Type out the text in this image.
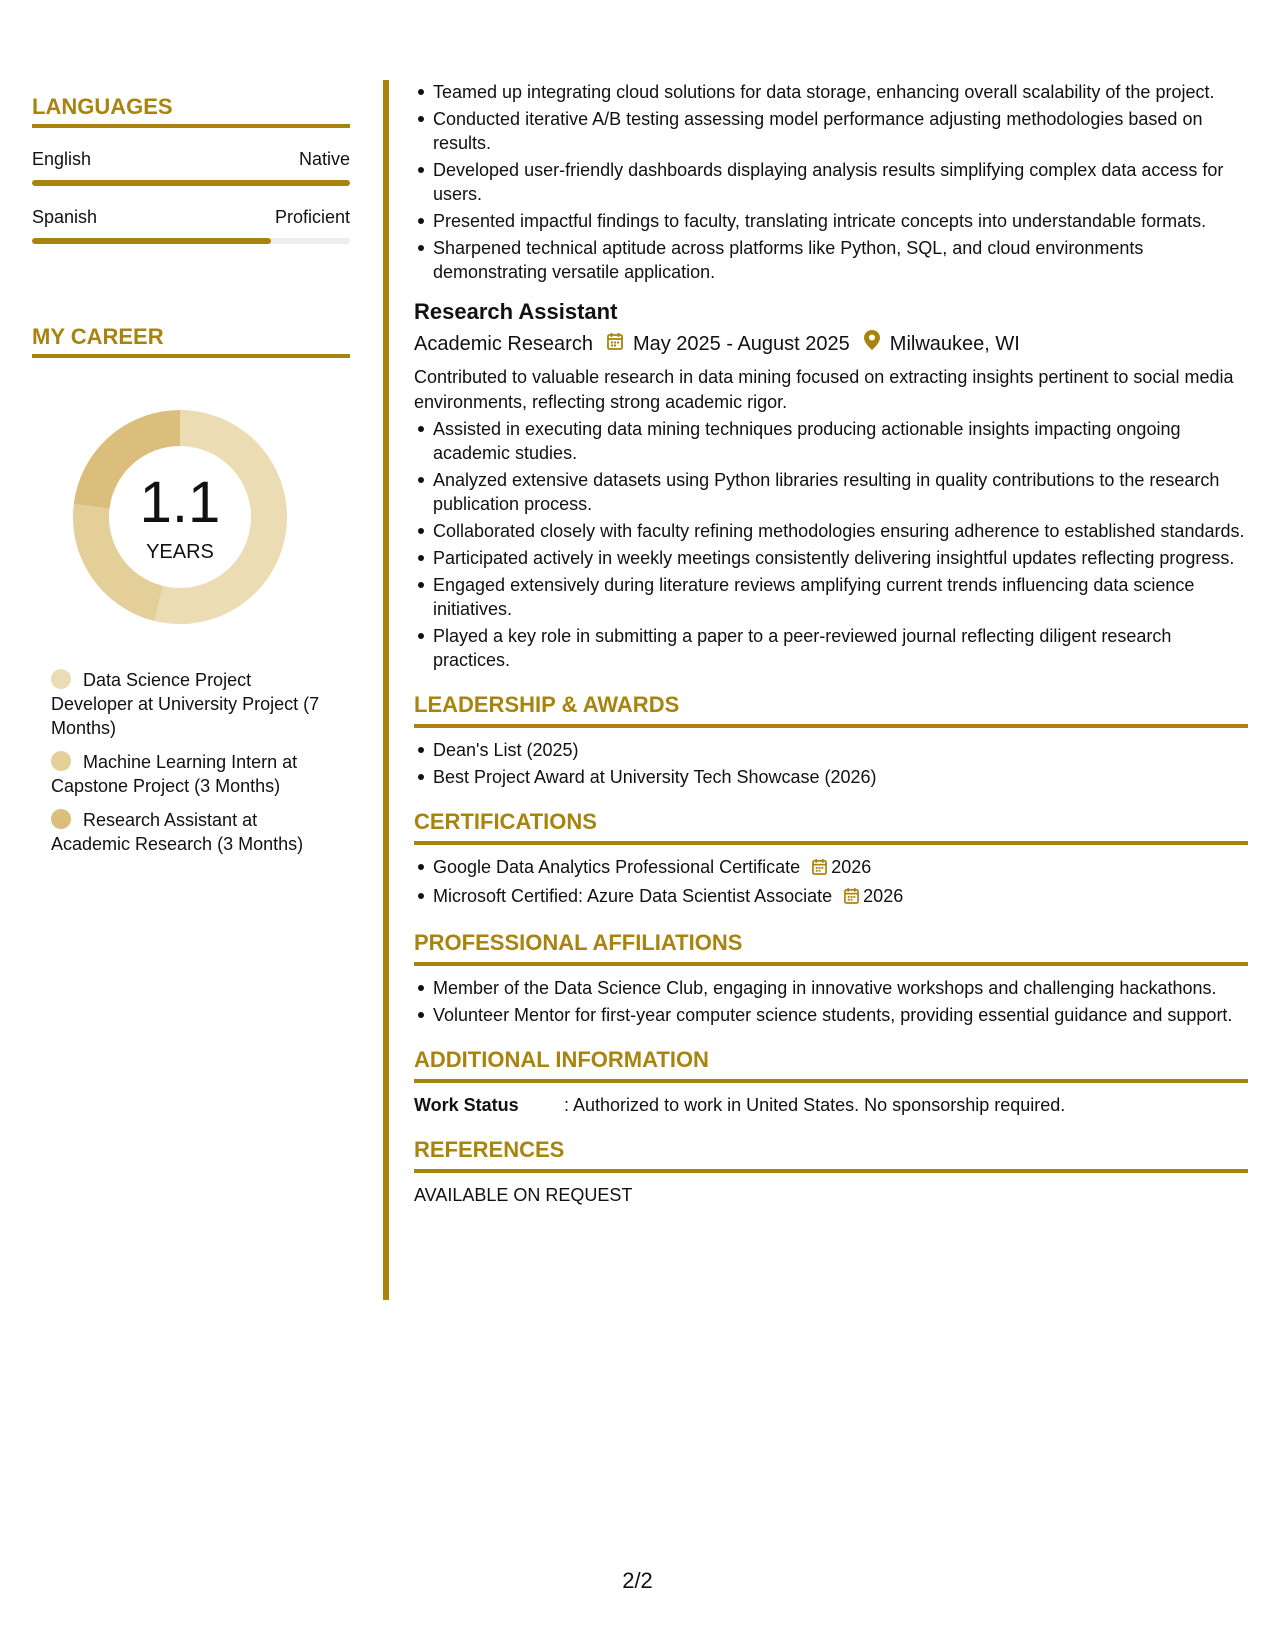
LANGUAGES
English	Native
Spanish	Proficient
MY CAREER
1.1
YEARS
Data Science Project Developer at University Project (7 Months)
Machine Learning Intern at Capstone Project (3 Months)
Research Assistant at Academic Research (3 Months)
Teamed up integrating cloud solutions for data storage, enhancing overall scalability of the project.
Conducted iterative A/B testing assessing model performance adjusting methodologies based on results.
Developed user-friendly dashboards displaying analysis results simplifying complex data access for users.
Presented impactful findings to faculty, translating intricate concepts into understandable formats.
Sharpened technical aptitude across platforms like Python, SQL, and cloud environments demonstrating versatile application.
Research Assistant
Academic Research May 2025 - August 2025 Milwaukee, WI
Contributed to valuable research in data mining focused on extracting insights pertinent to social media environments, reflecting strong academic rigor.
Assisted in executing data mining techniques producing actionable insights impacting ongoing academic studies.
Analyzed extensive datasets using Python libraries resulting in quality contributions to the research publication process.
Collaborated closely with faculty refining methodologies ensuring adherence to established standards.
Participated actively in weekly meetings consistently delivering insightful updates reflecting progress.
Engaged extensively during literature reviews amplifying current trends influencing data science initiatives.
Played a key role in submitting a paper to a peer-reviewed journal reflecting diligent research practices.
LEADERSHIP & AWARDS
Dean's List (2025)
Best Project Award at University Tech Showcase (2026)
CERTIFICATIONS
Google Data Analytics Professional Certificate 2026
Microsoft Certified: Azure Data Scientist Associate 2026
PROFESSIONAL AFFILIATIONS
Member of the Data Science Club, engaging in innovative workshops and challenging hackathons.
Volunteer Mentor for first-year computer science students, providing essential guidance and support.
ADDITIONAL INFORMATION
Work Status	: Authorized to work in United States. No sponsorship required.
REFERENCES
AVAILABLE ON REQUEST
2/2
